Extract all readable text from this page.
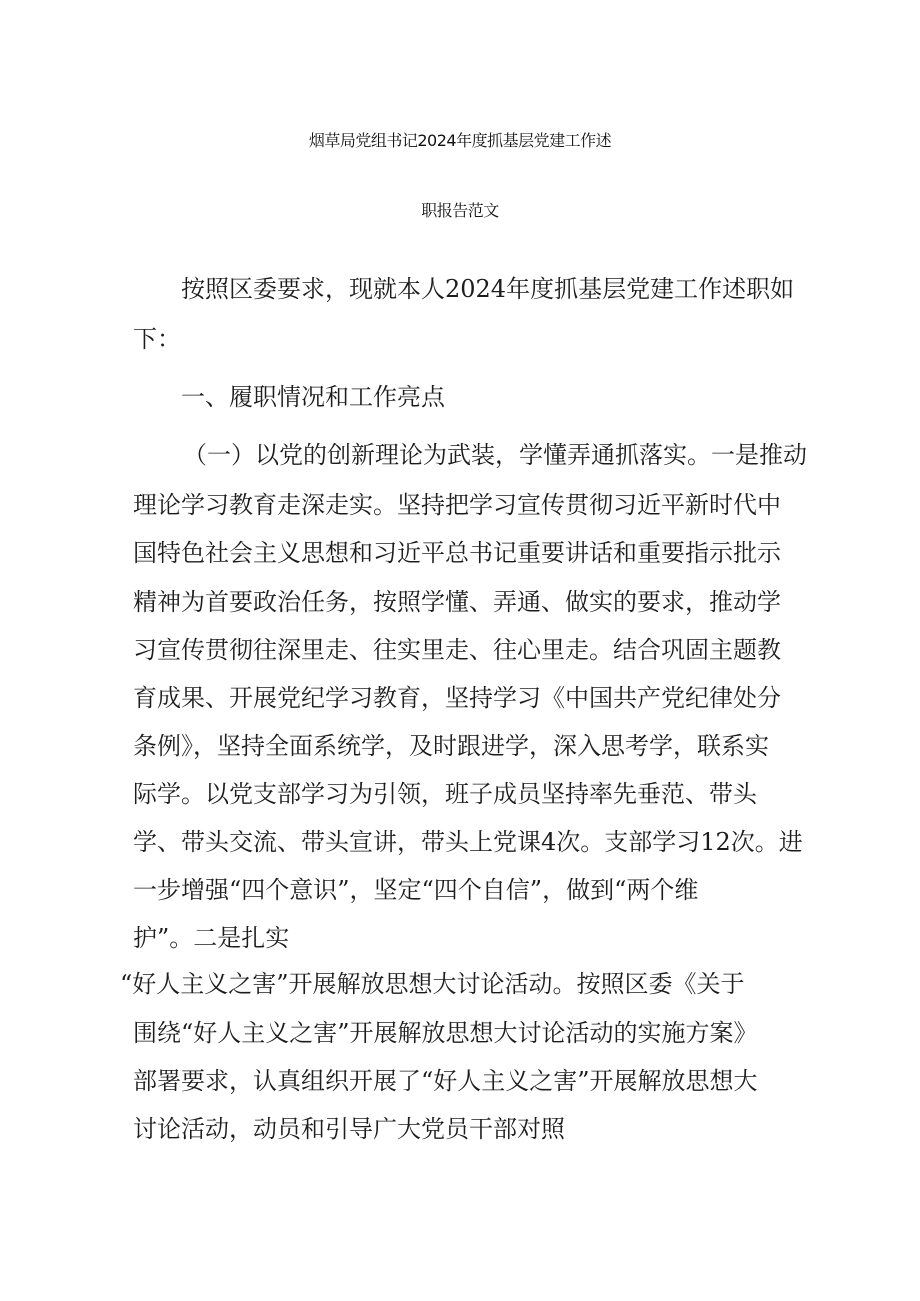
烟草局党组书记2024年度抓基层党建工作述
职报告范文
按照区委要求，现就本人2024年度抓基层党建工作述职如
下：
一、履职情况和工作亮点
（一）以党的创新理论为武装，学懂弄通抓落实。一是推动
理论学习教育走深走实。坚持把学习宣传贯彻习近平新时代中
国特色社会主义思想和习近平总书记重要讲话和重要指示批示
精神为首要政治任务，按照学懂、弄通、做实的要求，推动学
习宣传贯彻往深里走、往实里走、往心里走。结合巩固主题教
育成果、开展党纪学习教育，坚持学习《中国共产党纪律处分
条例》，坚持全面系统学，及时跟进学，深入思考学，联系实
际学。以党支部学习为引领，班子成员坚持率先垂范、带头
学、带头交流、带头宣讲，带头上党课4次。支部学习12次。进
一步增强“四个意识”，坚定“四个自信”，做到“两个维
护”。二是扎实
“好人主义之害”开展解放思想大讨论活动。按照区委《关于
围绕“好人主义之害”开展解放思想大讨论活动的实施方案》
部署要求，认真组织开展了“好人主义之害”开展解放思想大
讨论活动，动员和引导广大党员干部对照
